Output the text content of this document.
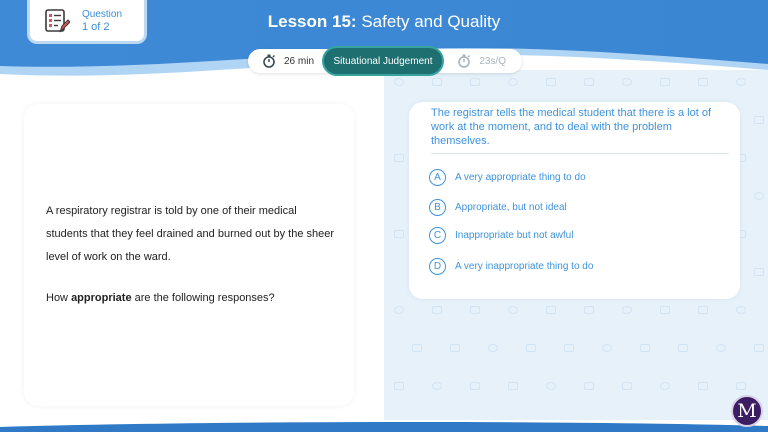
Question
1 of 2	Lesson 15: Safety and Quality
26 min	Situational Judgement	23s/Q
A respiratory registrar is told by one of their medical students that they feel drained and burned out by the sheer level of work on the ward.
How appropriate are the following responses?
The registrar tells the medical student that there is a lot of work at the moment, and to deal with the problem themselves.
A	A very appropriate thing to do
B	Appropriate, but not ideal
C	Inappropriate but not awful
D	A very inappropriate thing to do
M
